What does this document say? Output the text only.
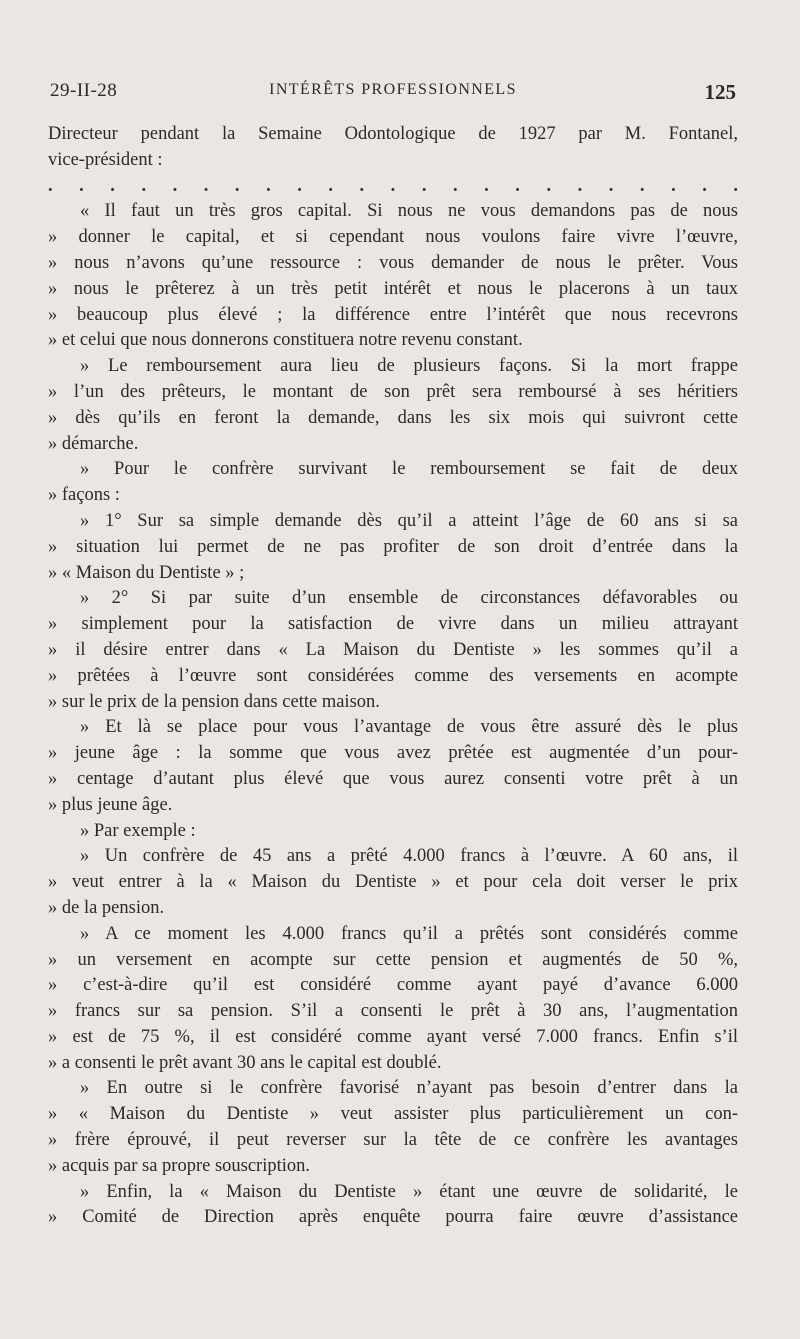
29-II-28	INTÉRÊTS PROFESSIONNELS	125
Directeur pendant la Semaine Odontologique de 1927 par M. Fontanel,
vice-président :
. . . . . . . . . . . . . . . . . . . . . . .
« Il faut un très gros capital. Si nous ne vous demandons pas de nous
» donner le capital, et si cependant nous voulons faire vivre l’œuvre,
» nous n’avons qu’une ressource : vous demander de nous le prêter. Vous
» nous le prêterez à un très petit intérêt et nous le placerons à un taux
» beaucoup plus élevé ; la différence entre l’intérêt que nous recevrons
» et celui que nous donnerons constituera notre revenu constant.
» Le remboursement aura lieu de plusieurs façons. Si la mort frappe
» l’un des prêteurs, le montant de son prêt sera remboursé à ses héritiers
» dès qu’ils en feront la demande, dans les six mois qui suivront cette
» démarche.
» Pour le confrère survivant le remboursement se fait de deux
» façons :
» 1° Sur sa simple demande dès qu’il a atteint l’âge de 60 ans si sa
» situation lui permet de ne pas profiter de son droit d’entrée dans la
» « Maison du Dentiste » ;
» 2° Si par suite d’un ensemble de circonstances défavorables ou
» simplement pour la satisfaction de vivre dans un milieu attrayant
» il désire entrer dans « La Maison du Dentiste » les sommes qu’il a
» prêtées à l’œuvre sont considérées comme des versements en acompte
» sur le prix de la pension dans cette maison.
» Et là se place pour vous l’avantage de vous être assuré dès le plus
» jeune âge : la somme que vous avez prêtée est augmentée d’un pour-
» centage d’autant plus élevé que vous aurez consenti votre prêt à un
» plus jeune âge.
» Par exemple :
» Un confrère de 45 ans a prêté 4.000 francs à l’œuvre. A 60 ans, il
» veut entrer à la « Maison du Dentiste » et pour cela doit verser le prix
» de la pension.
» A ce moment les 4.000 francs qu’il a prêtés sont considérés comme
» un versement en acompte sur cette pension et augmentés de 50 %,
» c’est-à-dire qu’il est considéré comme ayant payé d’avance 6.000
» francs sur sa pension. S’il a consenti le prêt à 30 ans, l’augmentation
» est de 75 %, il est considéré comme ayant versé 7.000 francs. Enfin s’il
» a consenti le prêt avant 30 ans le capital est doublé.
» En outre si le confrère favorisé n’ayant pas besoin d’entrer dans la
» « Maison du Dentiste » veut assister plus particulièrement un con-
» frère éprouvé, il peut reverser sur la tête de ce confrère les avantages
» acquis par sa propre souscription.
» Enfin, la « Maison du Dentiste » étant une œuvre de solidarité, le
» Comité de Direction après enquête pourra faire œuvre d’assistance
